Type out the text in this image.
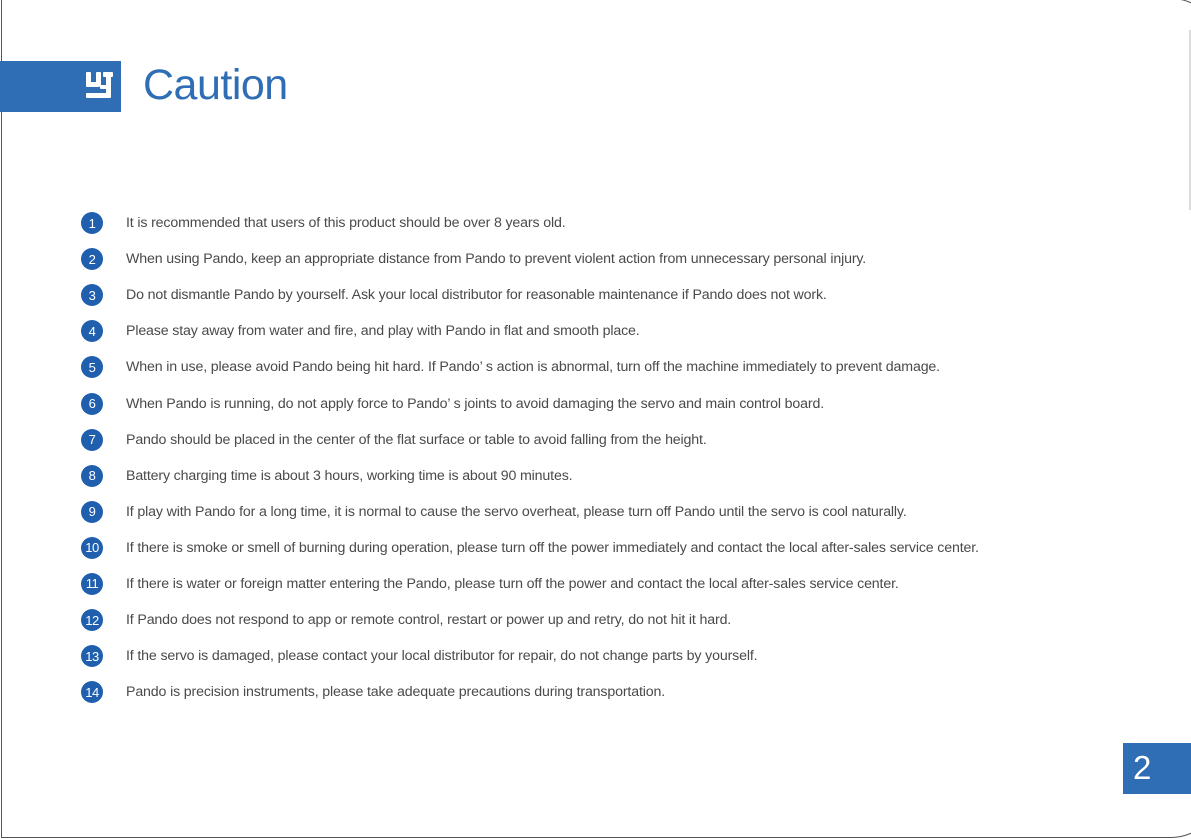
Caution
1	It is recommended that users of this product should be over 8 years old.
2	When using Pando, keep an appropriate distance from Pando to prevent violent action from unnecessary personal injury.
3	Do not dismantle Pando by yourself. Ask your local distributor for reasonable maintenance if Pando does not work.
4	Please stay away from water and fire, and play with Pando in flat and smooth place.
5	When in use, please avoid Pando being hit hard. If Pando’ s action is abnormal, turn off the machine immediately to prevent damage.
6	When Pando is running, do not apply force to Pando’ s joints to avoid damaging the servo and main control board.
7	Pando should be placed in the center of the flat surface or table to avoid falling from the height.
8	Battery charging time is about 3 hours, working time is about 90 minutes.
9	If play with Pando for a long time, it is normal to cause the servo overheat, please turn off Pando until the servo is cool naturally.
10	If there is smoke or smell of burning during operation, please turn off the power immediately and contact the local after-sales service center.
11	If there is water or foreign matter entering the Pando, please turn off the power and contact the local after-sales service center.
12	If Pando does not respond to app or remote control, restart or power up and retry, do not hit it hard.
13	If the servo is damaged, please contact your local distributor for repair, do not change parts by yourself.
14	Pando is precision instruments, please take adequate precautions during transportation.
2
